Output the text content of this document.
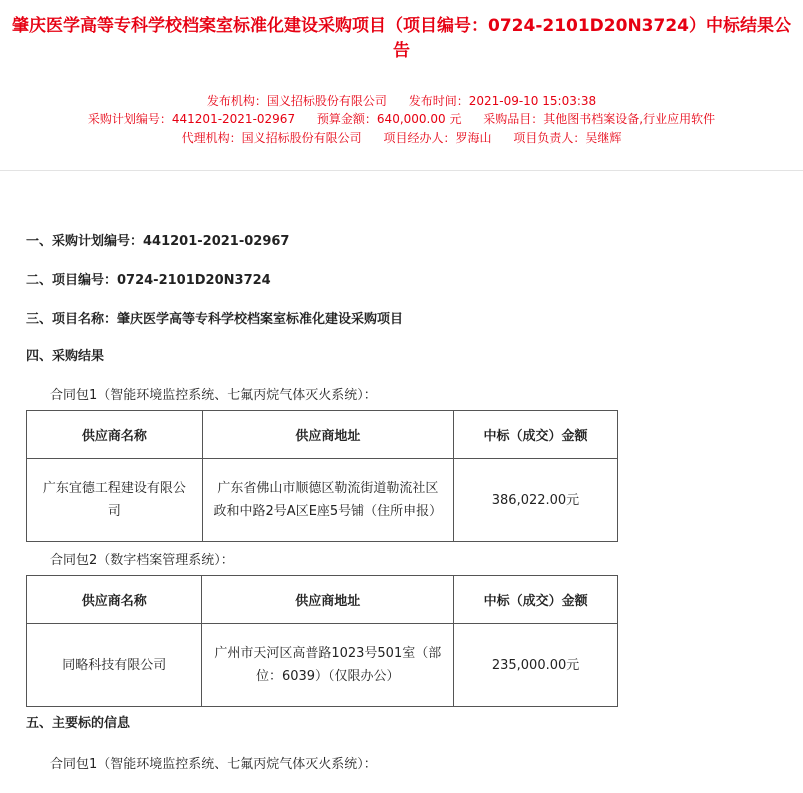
肇庆医学高等专科学校档案室标准化建设采购项目（项目编号：0724-2101D20N3724）中标结果公告
发布机构：国义招标股份有限公司 发布时间：2021-09-10 15:03:38
采购计划编号：441201-2021-02967 预算金额：640,000.00 元 采购品目：其他图书档案设备,行业应用软件
代理机构：国义招标股份有限公司 项目经办人：罗海山 项目负责人：吴继辉
一、采购计划编号：441201-2021-02967
二、项目编号：0724-2101D20N3724
三、项目名称：肇庆医学高等专科学校档案室标准化建设采购项目
四、采购结果
合同包1（智能环境监控系统、七氟丙烷气体灭火系统）：
供应商名称	供应商地址	中标（成交）金额
广东宜德工程建设有限公司	广东省佛山市顺德区勒流街道勒流社区政和中路2号A区E座5号铺（住所申报）	386,022.00元
合同包2（数字档案管理系统）：
供应商名称	供应商地址	中标（成交）金额
同略科技有限公司	广州市天河区高普路1023号501室（部位：6039）（仅限办公）	235,000.00元
五、主要标的信息
合同包1（智能环境监控系统、七氟丙烷气体灭火系统）：
